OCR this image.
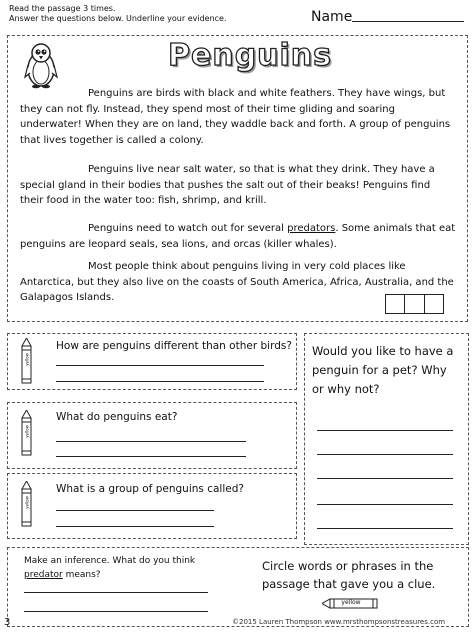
Read the passage 3 times.
Answer the questions below. Underline your evidence.	Name
Penguins
Penguins are birds with black and white feathers. They have wings, but they can not fly. Instead, they spend most of their time gliding and soaring underwater! When they are on land, they waddle back and forth. A group of penguins that lives together is called a colony.
Penguins live near salt water, so that is what they drink. They have a special gland in their bodies that pushes the salt out of their beaks! Penguins find their food in the water too: fish, shrimp, and krill.
Penguins need to watch out for several predators. Some animals that eat penguins are leopard seals, sea lions, and orcas (killer whales).
Most people think about penguins living in very cold places like Antarctica, but they also live on the coasts of South America, Africa, Australia, and the Galapagos Islands.
yellow
How are penguins different than other birds?
yellow
What do penguins eat?
yellow
What is a group of penguins called?
Would you like to have a penguin for a pet? Why or why not?
Make an inference. What do you think
predator means?
Circle words or phrases in the passage that gave you a clue.
yellow
3	©2015 Lauren Thompson www.mrsthompsonstreasures.com
